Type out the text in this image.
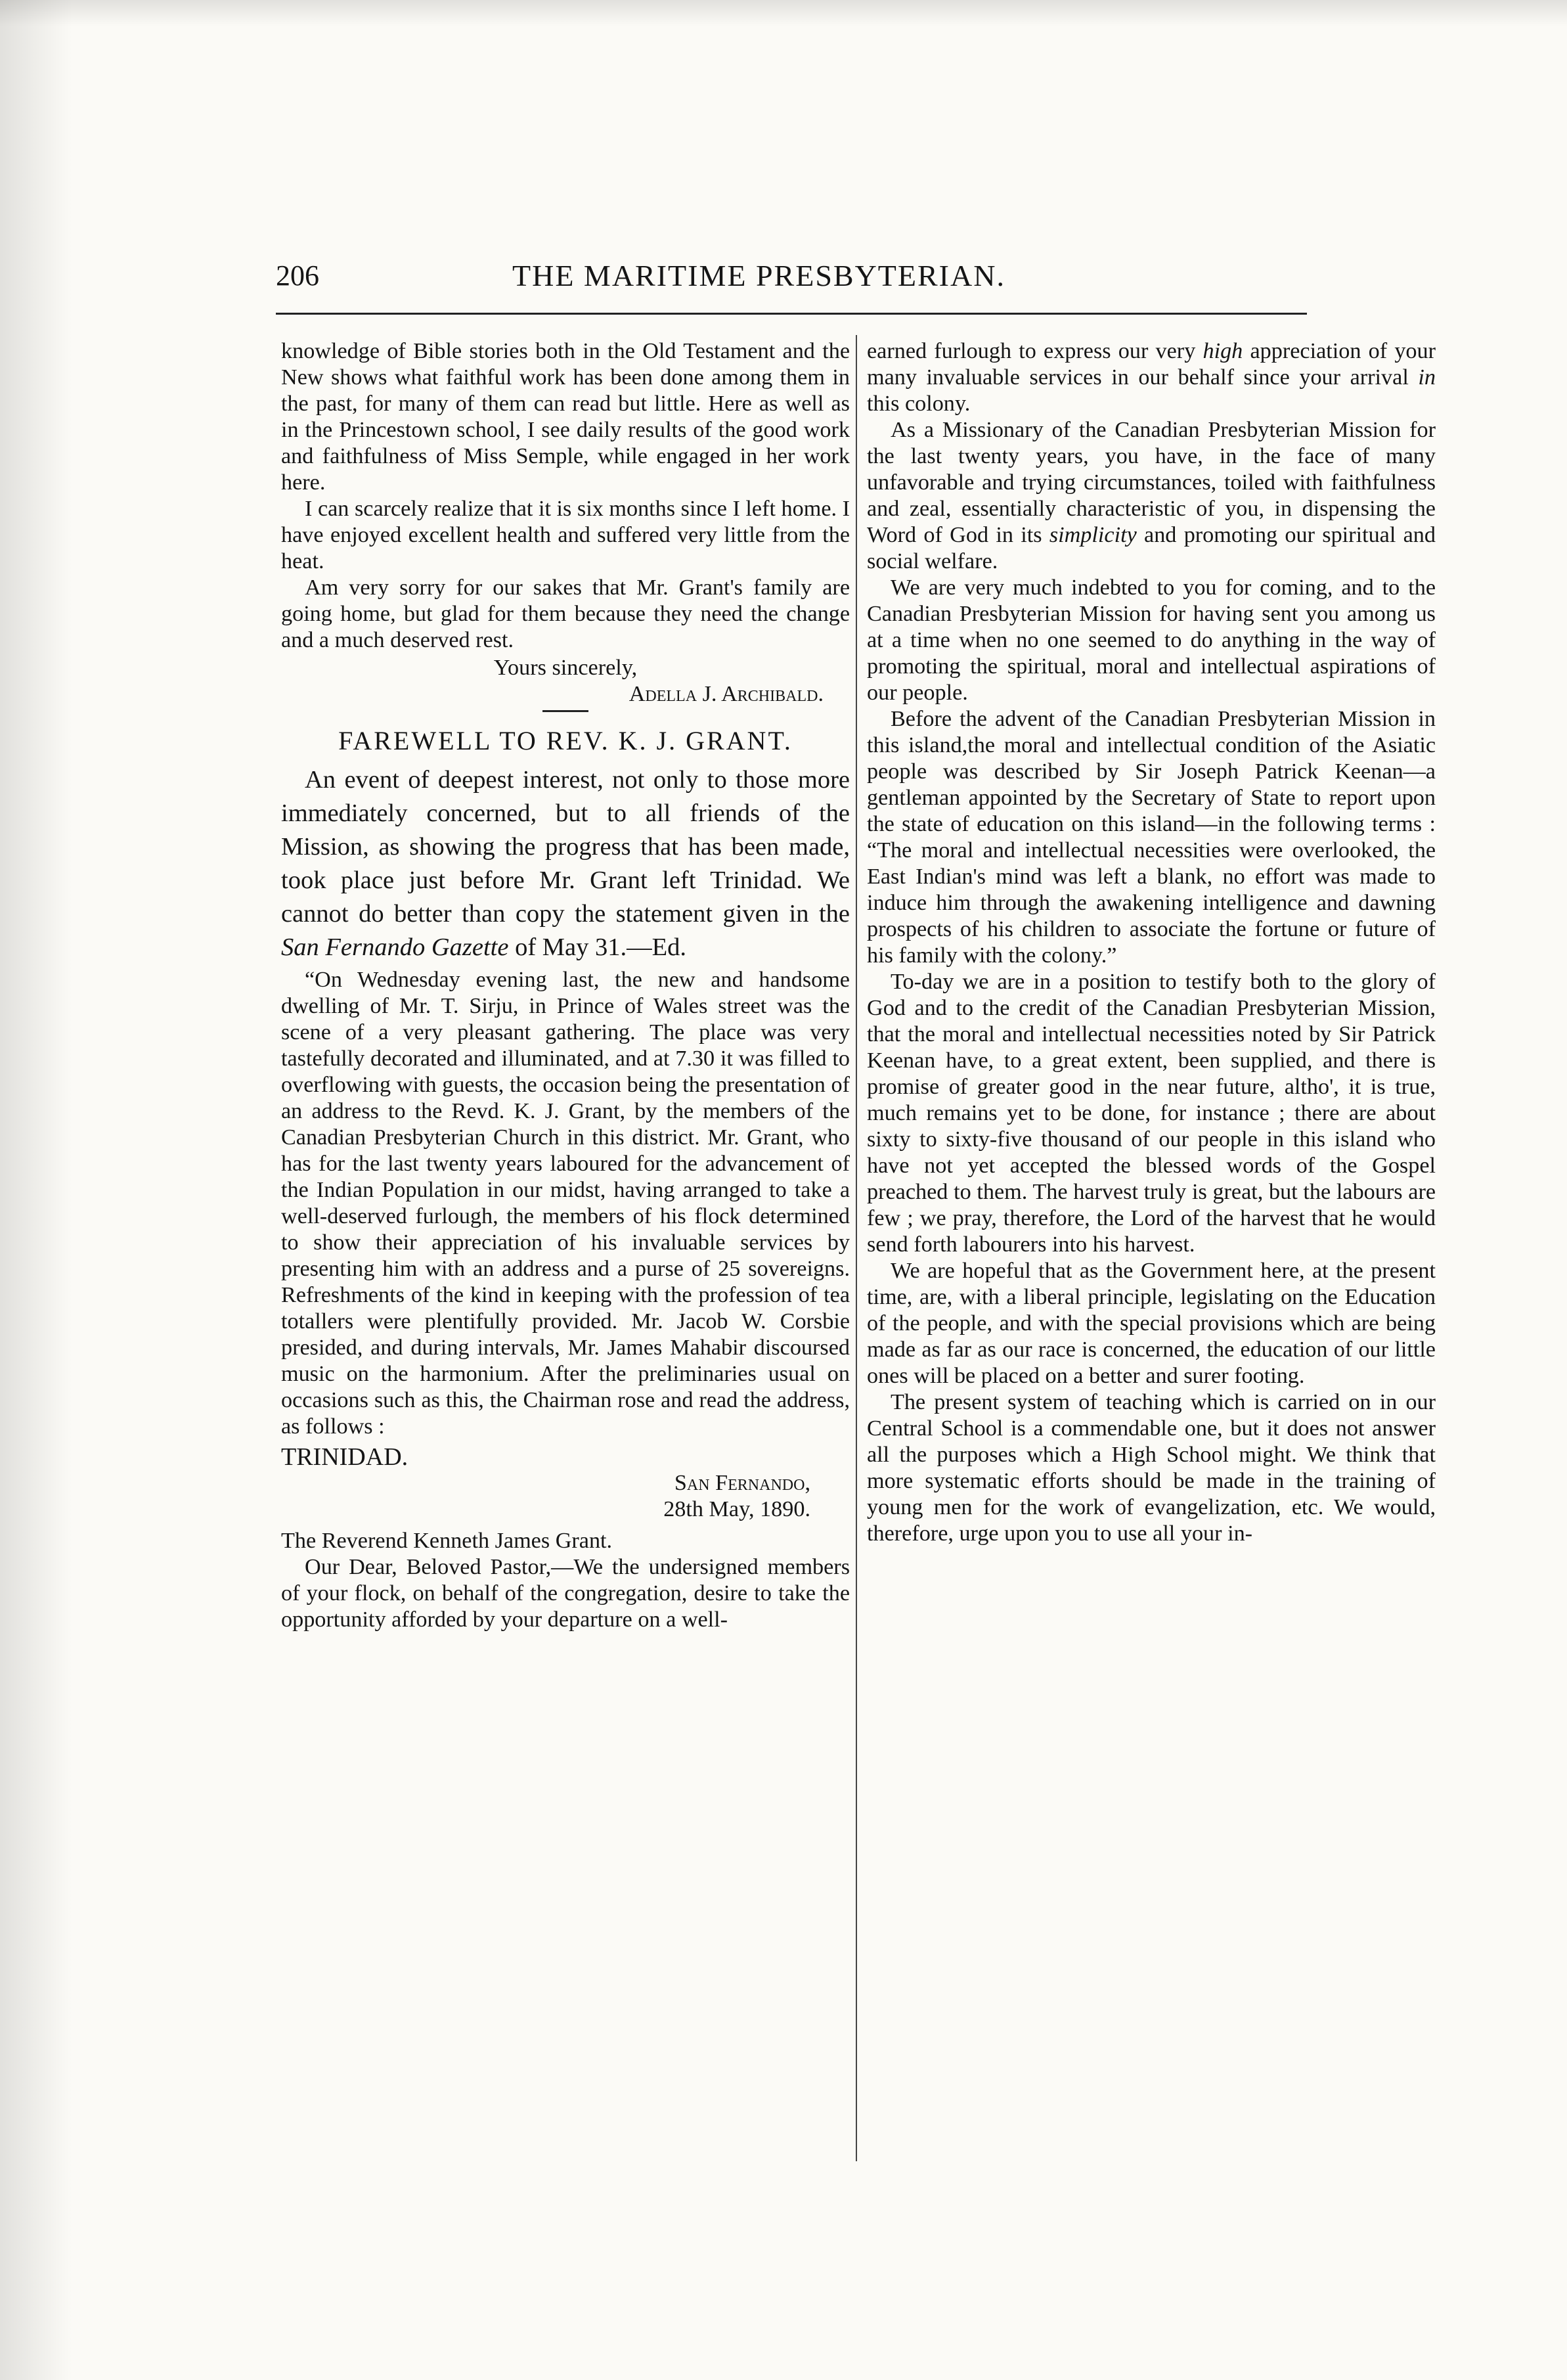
206	THE MARITIME PRESBYTERIAN.

knowledge of Bible stories both in the Old Testament and the New shows what faithful work has been done among them in the past, for many of them can read but little. Here as well as in the Princestown school, I see daily results of the good work and faithfulness of Miss Semple, while engaged in her work here.

I can scarcely realize that it is six months since I left home. I have enjoyed excellent health and suffered very little from the heat.

Am very sorry for our sakes that Mr. Grant's family are going home, but glad for them because they need the change and a much deserved rest.

Yours sincerely,

Adella J. Archibald.

FAREWELL TO REV. K. J. GRANT.

An event of deepest interest, not only to those more immediately concerned, but to all friends of the Mission, as showing the progress that has been made, took place just before Mr. Grant left Trinidad. We cannot do better than copy the statement given in the San Fernando Gazette of May 31.—Ed.

“On Wednesday evening last, the new and handsome dwelling of Mr. T. Sirju, in Prince of Wales street was the scene of a very pleasant gathering. The place was very tastefully decorated and illuminated, and at 7.30 it was filled to overflowing with guests, the occasion being the presentation of an address to the Revd. K. J. Grant, by the members of the Canadian Presbyterian Church in this district. Mr. Grant, who has for the last twenty years laboured for the advancement of the Indian Population in our midst, having arranged to take a well-deserved furlough, the members of his flock determined to show their appreciation of his invaluable services by presenting him with an address and a purse of 25 sovereigns. Refreshments of the kind in keeping with the profession of tea totallers were plentifully provided. Mr. Jacob W. Corsbie presided, and during intervals, Mr. James Mahabir discoursed music on the harmonium. After the preliminaries usual on occasions such as this, the Chairman rose and read the address, as follows :

TRINIDAD.

San Fernando,

28th May, 1890.

The Reverend Kenneth James Grant.

Our Dear, Beloved Pastor,—We the undersigned members of your flock, on behalf of the congregation, desire to take the opportunity afforded by your departure on a well-

earned furlough to express our very high appreciation of your many invaluable services in our behalf since your arrival in this colony.

As a Missionary of the Canadian Presbyterian Mission for the last twenty years, you have, in the face of many unfavorable and trying circumstances, toiled with faithfulness and zeal, essentially characteristic of you, in dispensing the Word of God in its simplicity and promoting our spiritual and social welfare.

We are very much indebted to you for coming, and to the Canadian Presbyterian Mission for having sent you among us at a time when no one seemed to do anything in the way of promoting the spiritual, moral and intellectual aspirations of our people.

Before the advent of the Canadian Presbyterian Mission in this island,the moral and intellectual condition of the Asiatic people was described by Sir Joseph Patrick Keenan—a gentleman appointed by the Secretary of State to report upon the state of education on this island—in the following terms : “The moral and intellectual necessities were overlooked, the East Indian's mind was left a blank, no effort was made to induce him through the awakening intelligence and dawning prospects of his children to associate the fortune or future of his family with the colony.”

To-day we are in a position to testify both to the glory of God and to the credit of the Canadian Presbyterian Mission, that the moral and intellectual necessities noted by Sir Patrick Keenan have, to a great extent, been supplied, and there is promise of greater good in the near future, altho', it is true, much remains yet to be done, for instance ; there are about sixty to sixty-five thousand of our people in this island who have not yet accepted the blessed words of the Gospel preached to them. The harvest truly is great, but the labours are few ; we pray, therefore, the Lord of the harvest that he would send forth labourers into his harvest.

We are hopeful that as the Government here, at the present time, are, with a liberal principle, legislating on the Education of the people, and with the special provisions which are being made as far as our race is concerned, the education of our little ones will be placed on a better and surer footing.

The present system of teaching which is carried on in our Central School is a commendable one, but it does not answer all the purposes which a High School might. We think that more systematic efforts should be made in the training of young men for the work of evangelization, etc. We would, therefore, urge upon you to use all your in-
